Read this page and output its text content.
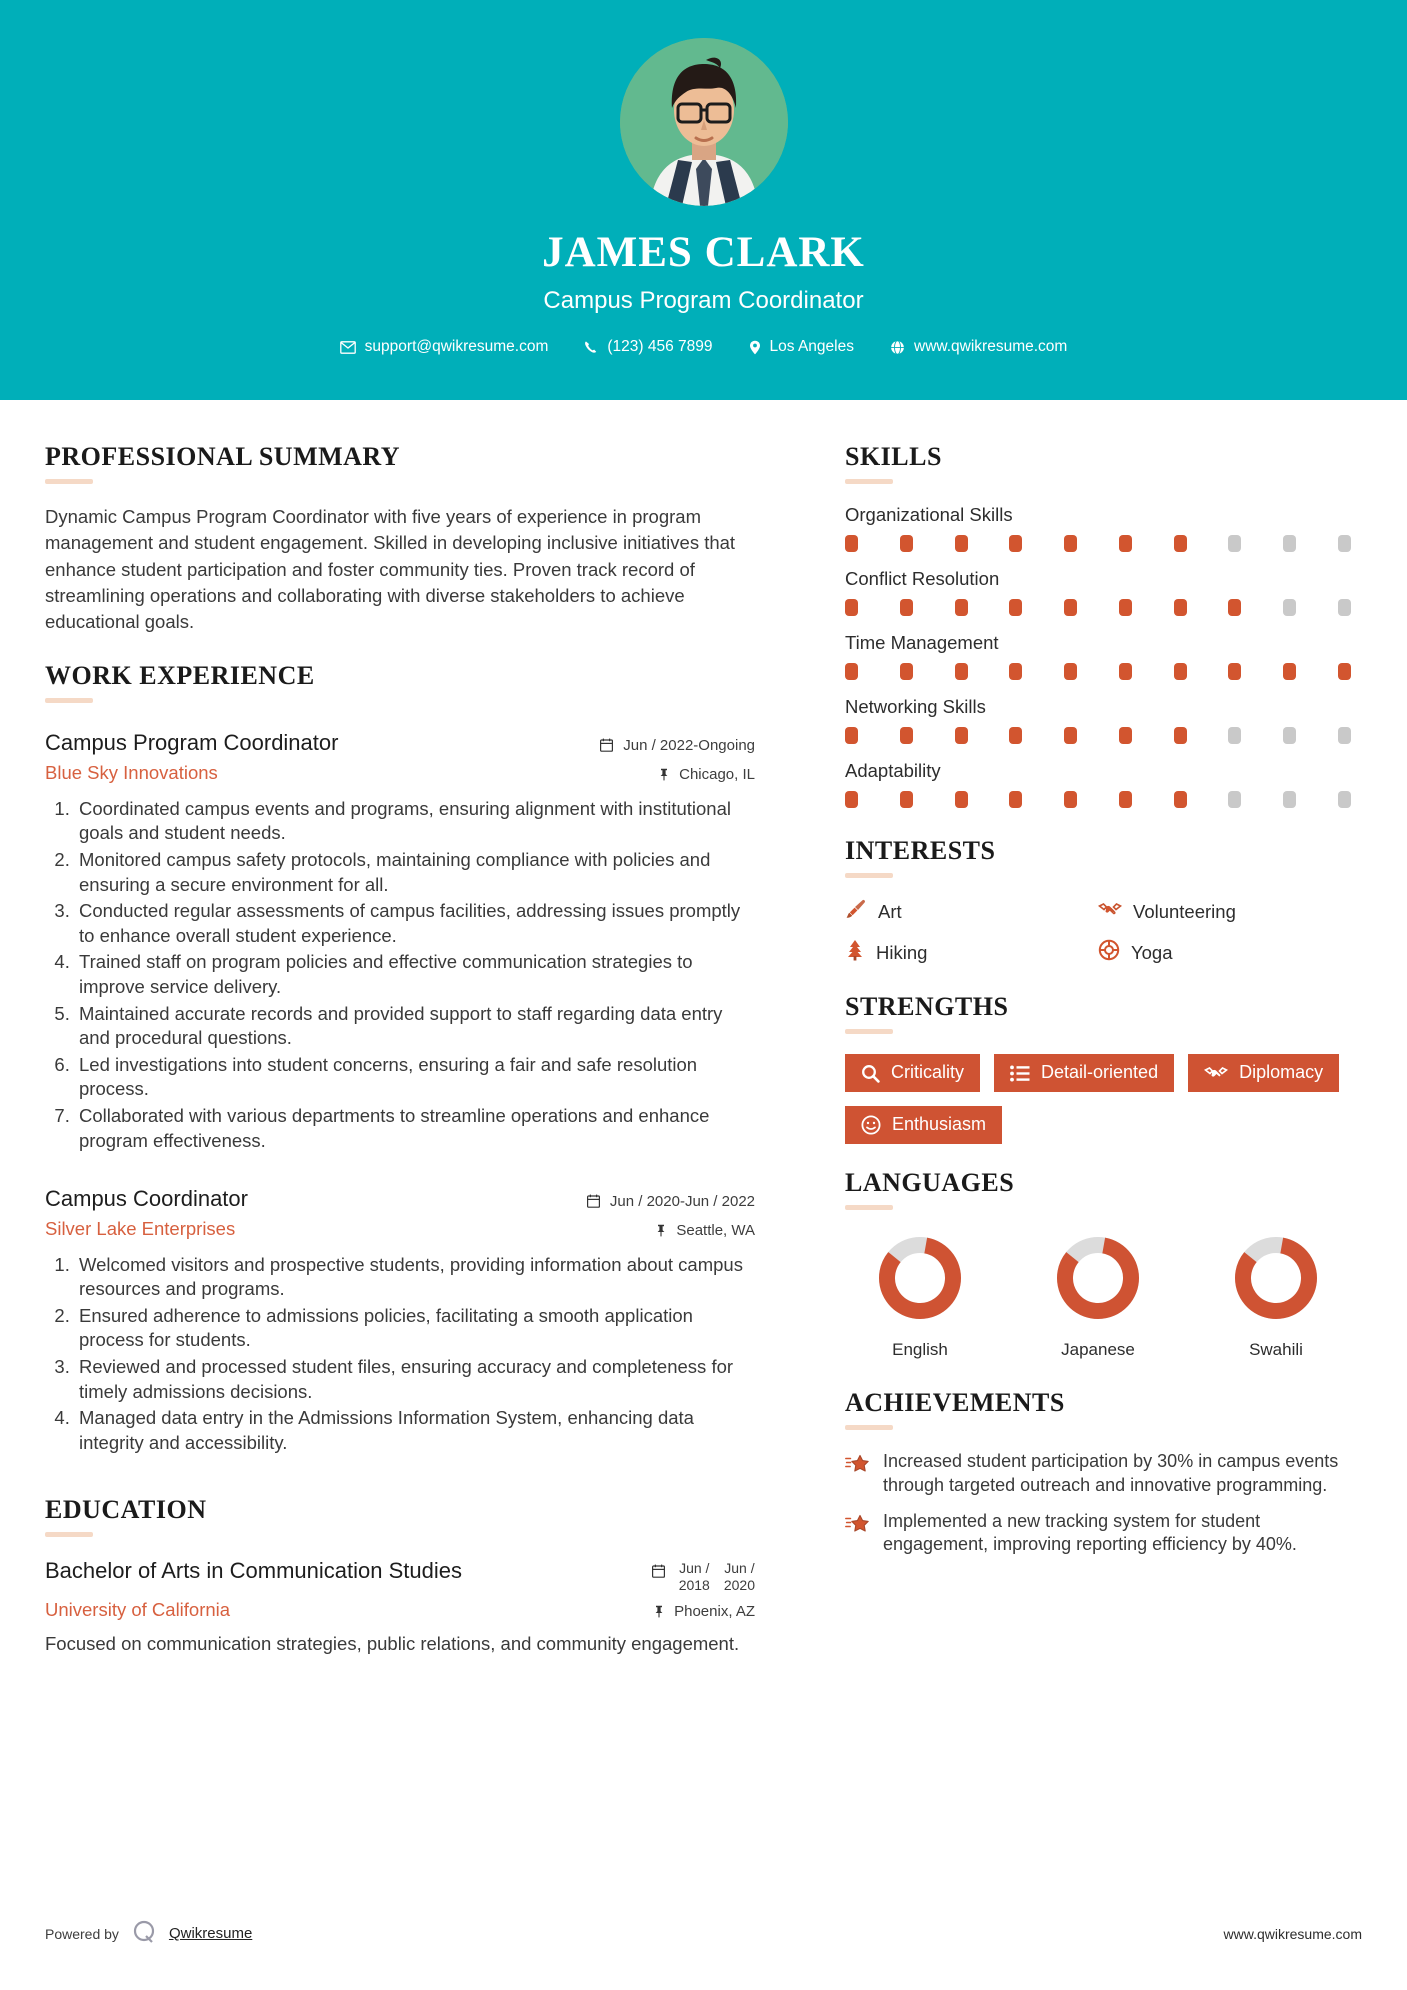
JAMES CLARK
Campus Program Coordinator
support@qwikresume.com	(123) 456 7899	Los Angeles	www.qwikresume.com
PROFESSIONAL SUMMARY

Dynamic Campus Program Coordinator with five years of experience in program management and student engagement. Skilled in developing inclusive initiatives that enhance student participation and foster community ties. Proven track record of streamlining operations and collaborating with diverse stakeholders to achieve educational goals.

WORK EXPERIENCE
Campus Program Coordinator	Jun / 2022-Ongoing
Blue Sky Innovations	Chicago, IL
1. Coordinated campus events and programs, ensuring alignment with institutional goals and student needs.
2. Monitored campus safety protocols, maintaining compliance with policies and ensuring a secure environment for all.
3. Conducted regular assessments of campus facilities, addressing issues promptly to enhance overall student experience.
4. Trained staff on program policies and effective communication strategies to improve service delivery.
5. Maintained accurate records and provided support to staff regarding data entry and procedural questions.
6. Led investigations into student concerns, ensuring a fair and safe resolution process.
7. Collaborated with various departments to streamline operations and enhance program effectiveness.
Campus Coordinator	Jun / 2020-Jun / 2022
Silver Lake Enterprises	Seattle, WA
1. Welcomed visitors and prospective students, providing information about campus resources and programs.
2. Ensured adherence to admissions policies, facilitating a smooth application process for students.
3. Reviewed and processed student files, ensuring accuracy and completeness for timely admissions decisions.
4. Managed data entry in the Admissions Information System, enhancing data integrity and accessibility.
EDUCATION
Bachelor of Arts in Communication Studies	Jun /
2018
Jun /
2020
University of California	Phoenix, AZ
Focused on communication strategies, public relations, and community engagement.
SKILLS
Organizational Skills
Conflict Resolution
Time Management
Networking Skills
Adaptability
INTERESTS
Art	Volunteering
Hiking	Yoga
STRENGTHS
Criticality	Detail-oriented	Diplomacy
Enthusiasm
LANGUAGES
English	Japanese	Swahili
ACHIEVEMENTS
Increased student participation by 30% in campus events through targeted outreach and innovative programming.
Implemented a new tracking system for student engagement, improving reporting efficiency by 40%.
Powered by	Qwikresume	www.qwikresume.com
